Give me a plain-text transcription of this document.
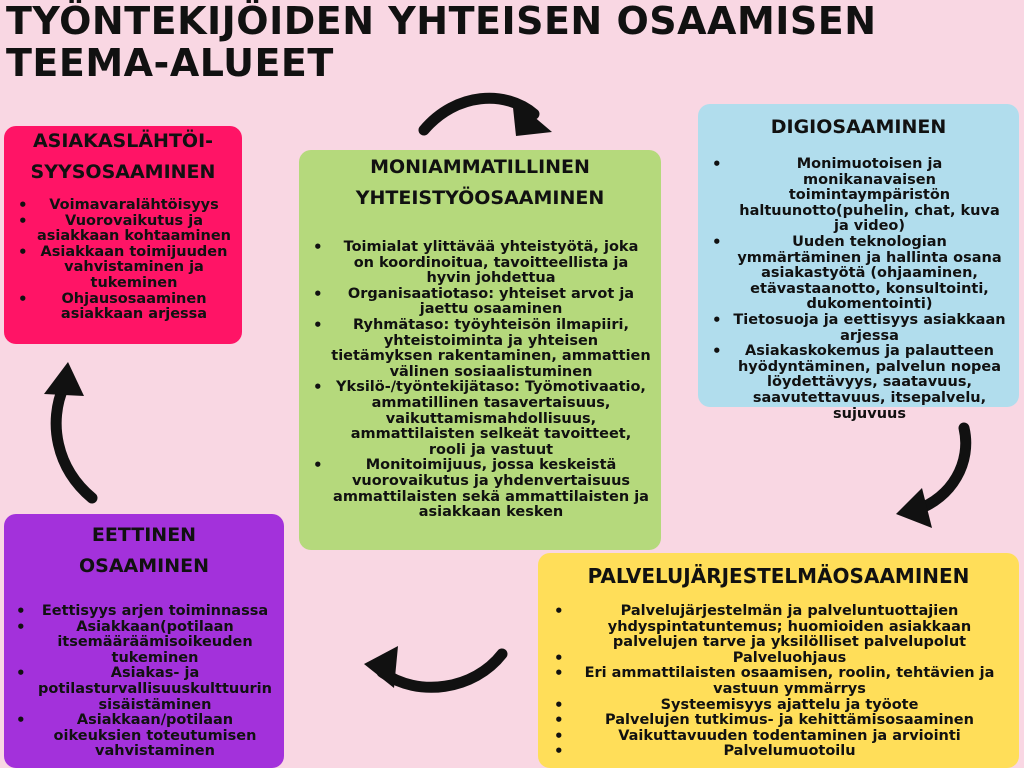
TYÖNTEKIJÖIDEN YHTEISEN OSAAMISEN
TEEMA-ALUEET
ASIAKASLÄHTÖI-
SYYSOSAAMINEN
• Voimavaralähtöisyys
• Vuorovaikutus ja asiakkaan kohtaaminen
• Asiakkaan toimijuuden vahvistaminen ja tukeminen
• Ohjausosaaminen asiakkaan arjessa
MONIAMMATILLINEN
YHTEISTYÖOSAAMINEN
• Toimialat ylittävää yhteistyötä, joka on koordinoitua, tavoitteellista ja hyvin johdettua
• Organisaatiotaso: yhteiset arvot ja jaettu osaaminen
• Ryhmätaso: työyhteisön ilmapiiri, yhteistoiminta ja yhteisen tietämyksen rakentaminen, ammattien välinen sosiaalistuminen
• Yksilö-/työntekijätaso: Työmotivaatio, ammatillinen tasavertaisuus, vaikuttamismahdollisuus, ammattilaisten selkeät tavoitteet, rooli ja vastuut
• Monitoimijuus, jossa keskeistä vuorovaikutus ja yhdenvertaisuus ammattilaisten sekä ammattilaisten ja asiakkaan kesken
DIGIOSAAMINEN
• Monimuotoisen ja monikanavaisen toimintaympäristön haltuunotto(puhelin, chat, kuva ja video)
• Uuden teknologian ymmärtäminen ja hallinta osana asiakastyötä (ohjaaminen, etävastaanotto, konsultointi, dukomentointi)
• Tietosuoja ja eettisyys asiakkaan arjessa
• Asiakaskokemus ja palautteen hyödyntäminen, palvelun nopea löydettävyys, saatavuus, saavutettavuus, itsepalvelu, sujuvuus
EETTINEN
OSAAMINEN
• Eettisyys arjen toiminnassa
• Asiakkaan(potilaan itsemääräämisoikeuden tukeminen
• Asiakas- ja potilasturvallisuuskulttuurin sisäistäminen
• Asiakkaan/potilaan oikeuksien toteutumisen vahvistaminen
PALVELUJÄRJESTELMÄOSAAMINEN
• Palvelujärjestelmän ja palveluntuottajien yhdyspintatuntemus; huomioiden asiakkaan palvelujen tarve ja yksilölliset palvelupolut
• Palveluohjaus
• Eri ammattilaisten osaamisen, roolin, tehtävien ja vastuun ymmärrys
• Systeemisyys ajattelu ja työote
• Palvelujen tutkimus- ja kehittämisosaaminen
• Vaikuttavuuden todentaminen ja arviointi
• Palvelumuotoilu
